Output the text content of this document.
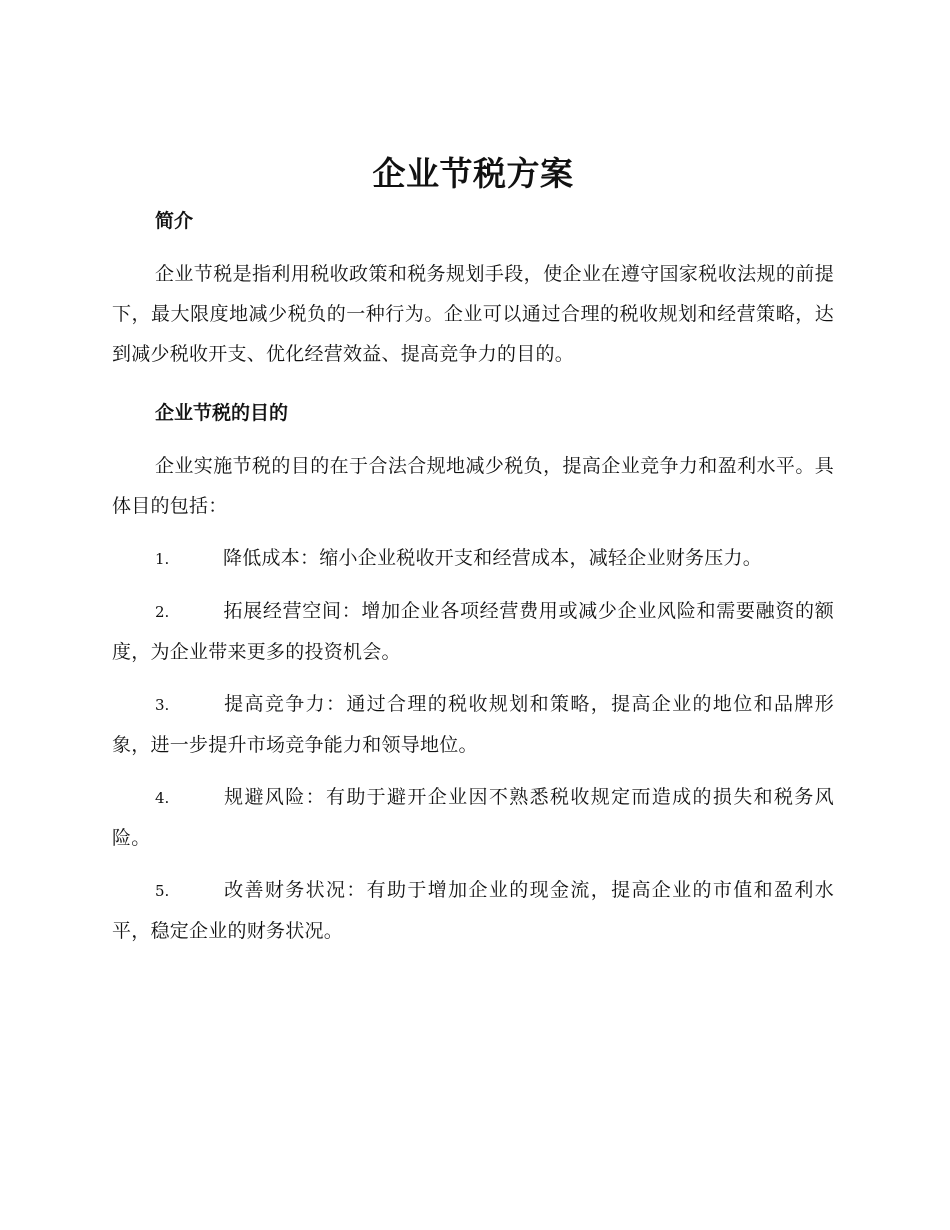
企业节税方案
简介

企业节税是指利用税收政策和税务规划手段，使企业在遵守国家税收法规的前提下，最大限度地减少税负的一种行为。企业可以通过合理的税收规划和经营策略，达到减少税收开支、优化经营效益、提高竞争力的目的。

企业节税的目的

企业实施节税的目的在于合法合规地减少税负，提高企业竞争力和盈利水平。具体目的包括：

1.	降低成本：缩小企业税收开支和经营成本，减轻企业财务压力。

2.	拓展经营空间：增加企业各项经营费用或减少企业风险和需要融资的额度，为企业带来更多的投资机会。

3.	提高竞争力：通过合理的税收规划和策略，提高企业的地位和品牌形象，进一步提升市场竞争能力和领导地位。

4.	规避风险：有助于避开企业因不熟悉税收规定而造成的损失和税务风险。

5.	改善财务状况：有助于增加企业的现金流，提高企业的市值和盈利水平，稳定企业的财务状况。
